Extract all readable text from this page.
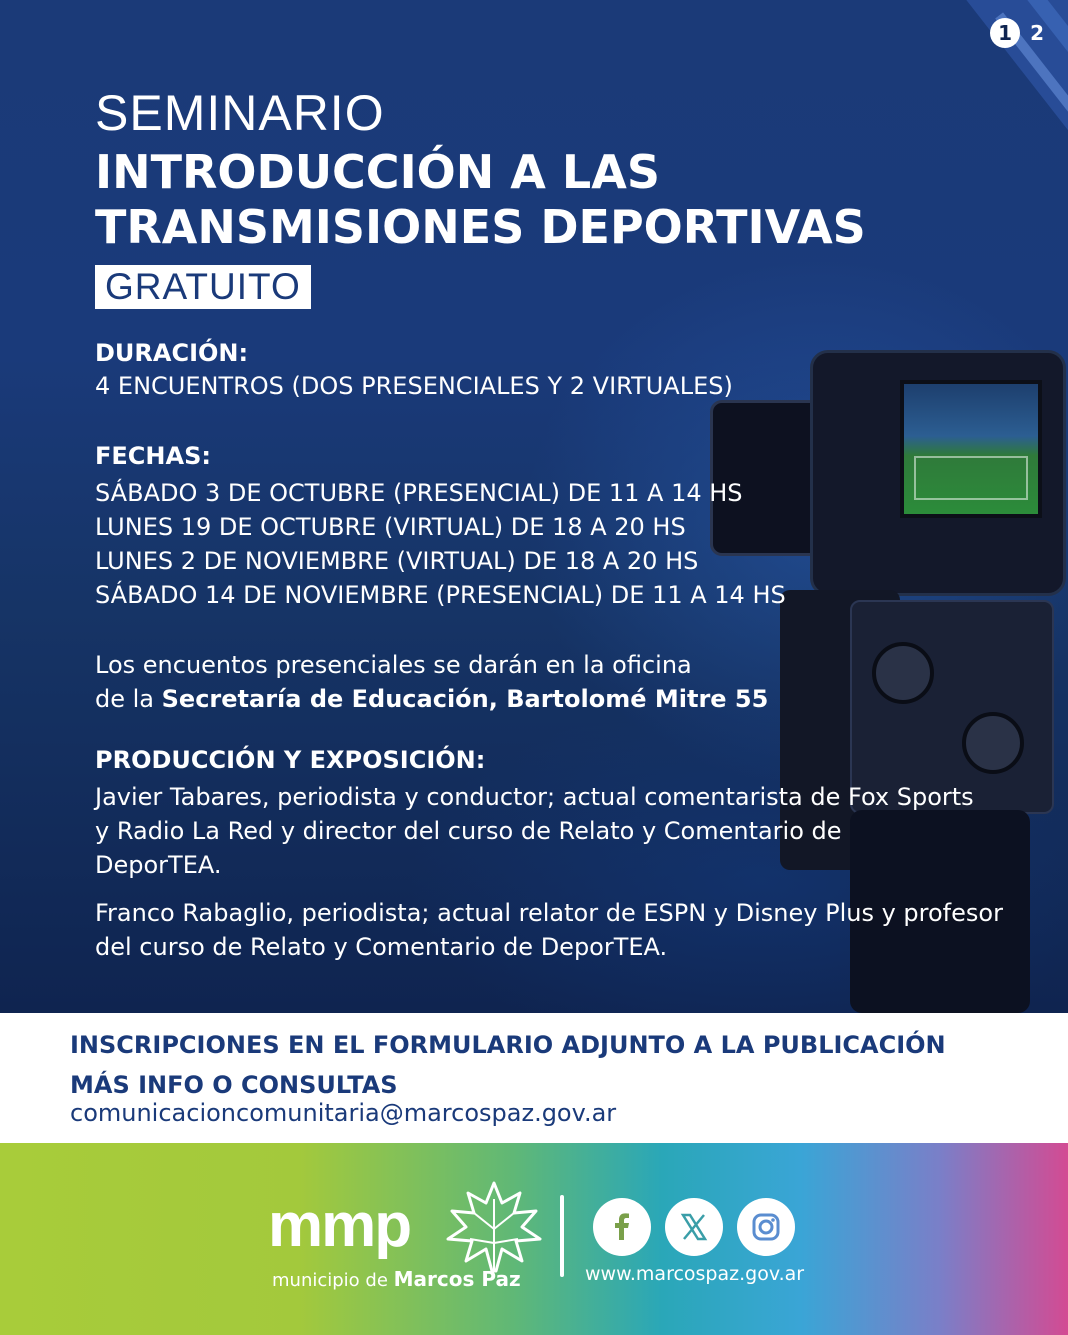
1 2
SEMINARIO
INTRODUCCIÓN A LAS
TRANSMISIONES DEPORTIVAS
GRATUITO
DURACIÓN:
4 ENCUENTROS (DOS PRESENCIALES Y 2 VIRTUALES)
FECHAS:
SÁBADO 3 DE OCTUBRE (PRESENCIAL) DE 11 A 14 HS
LUNES 19 DE OCTUBRE (VIRTUAL) DE 18 A 20 HS
LUNES 2 DE NOVIEMBRE (VIRTUAL) DE 18 A 20 HS
SÁBADO 14 DE NOVIEMBRE (PRESENCIAL) DE 11 A 14 HS
Los encuentos presenciales se darán en la oficina
de la Secretaría de Educación, Bartolomé Mitre 55
PRODUCCIÓN Y EXPOSICIÓN:
Javier Tabares, periodista y conductor; actual comentarista de Fox Sports y Radio La Red y director del curso de Relato y Comentario de DeporTEA.
Franco Rabaglio, periodista; actual relator de ESPN y Disney Plus y profesor del curso de Relato y Comentario de DeporTEA.
INSCRIPCIONES EN EL FORMULARIO ADJUNTO A LA PUBLICACIÓN
MÁS INFO O CONSULTAS
comunicacioncomunitaria@marcospaz.gov.ar
mmp
municipio de Marcos Paz	www.marcospaz.gov.ar
